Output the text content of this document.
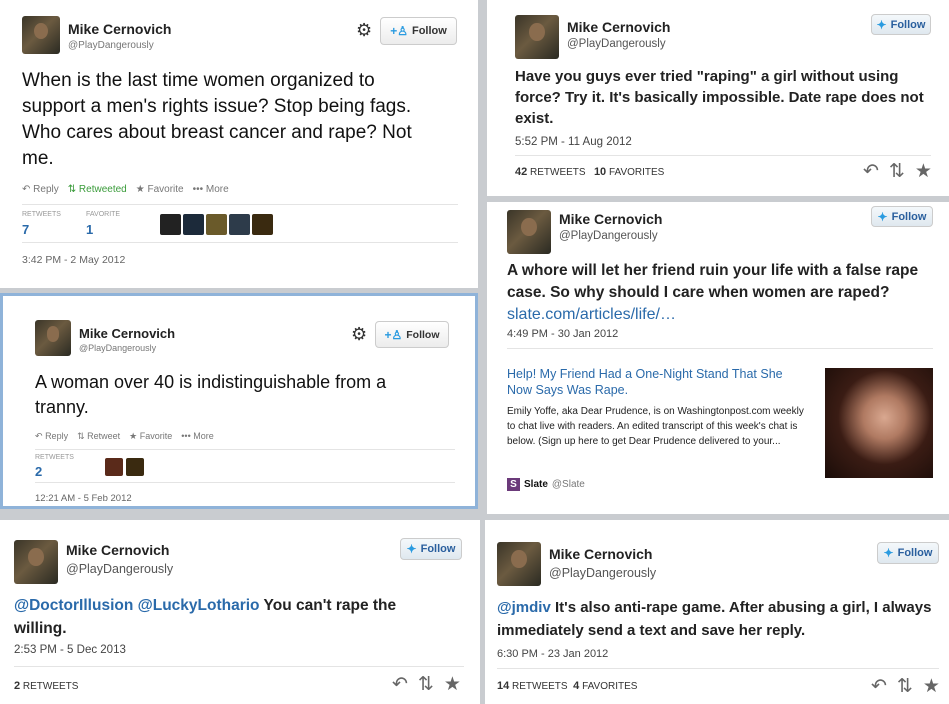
Mike Cernovich
@PlayDangerously
⚙ +♙ Follow
When is the last time women organized to support a men's rights issue? Stop being fags. Who cares about breast cancer and rape? Not me.
↶ Reply ⇅ Retweeted ★ Favorite ••• More
RETWEETS
7
FAVORITE
1
3:42 PM - 2 May 2012
Mike Cernovich
@PlayDangerously
⚙ +♙ Follow
A woman over 40 is indistinguishable from a tranny.
↶ Reply ⇅ Retweet ★ Favorite ••• More
RETWEETS
2
12:21 AM - 5 Feb 2012
Mike Cernovich
@PlayDangerously
✦ Follow
Have you guys ever tried "raping" a girl without using force? Try it. It's basically impossible. Date rape does not exist.
5:52 PM - 11 Aug 2012
42 RETWEETS 10 FAVORITES	↶ ⇅ ★
Mike Cernovich
@PlayDangerously
✦ Follow
A whore will let her friend ruin your life with a false rape case. So why should I care when women are raped? slate.com/articles/life/…
4:49 PM - 30 Jan 2012
Help! My Friend Had a One-Night Stand That She Now Says Was Rape.
Emily Yoffe, aka Dear Prudence, is on Washingtonpost.com weekly to chat live with readers. An edited transcript of this week's chat is below. (Sign up here to get Dear Prudence delivered to your...
S Slate @Slate
Mike Cernovich
@PlayDangerously
✦ Follow
@DoctorIllusion @LuckyLothario You can't rape the willing.
2:53 PM - 5 Dec 2013
2 RETWEETS	↶ ⇅ ★
Mike Cernovich
@PlayDangerously
✦ Follow
@jmdiv It's also anti-rape game. After abusing a girl, I always immediately send a text and save her reply.
6:30 PM - 23 Jan 2012
14 RETWEETS 4 FAVORITES	↶ ⇅ ★
